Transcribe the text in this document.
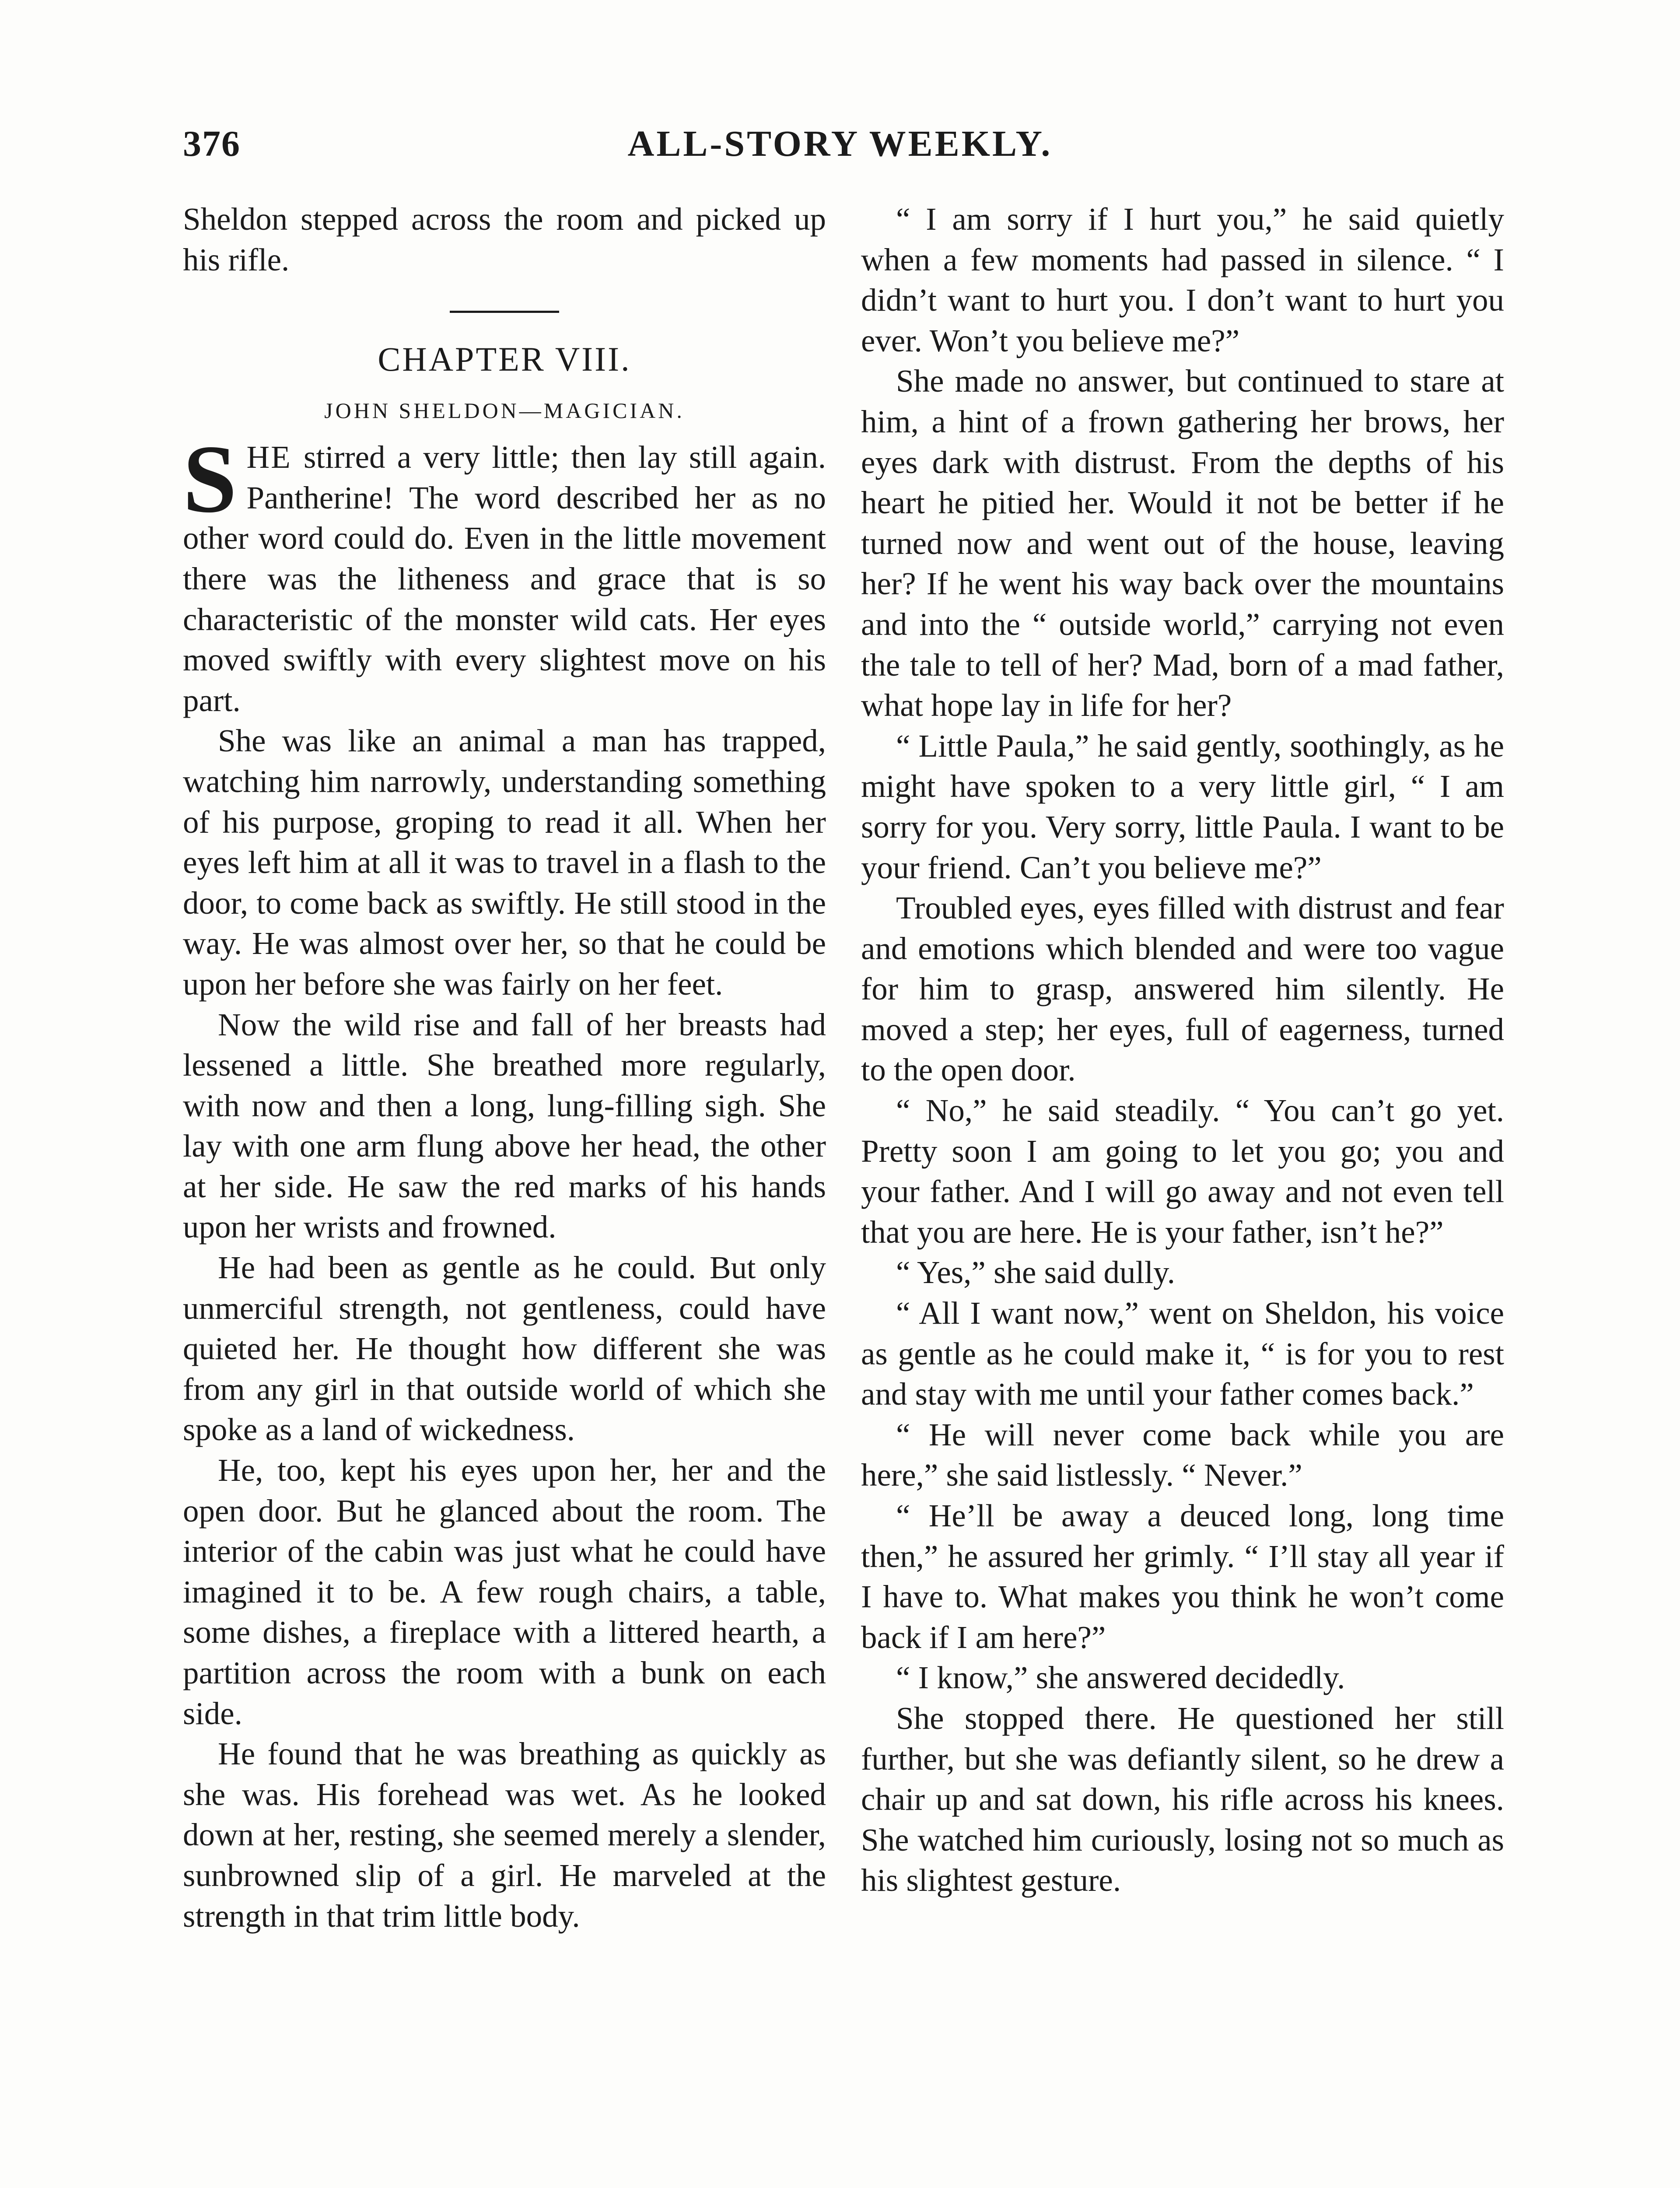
376	ALL-STORY WEEKLY.

Sheldon stepped across the room and picked up his rifle.

CHAPTER VIII.
JOHN SHELDON—MAGICIAN.

SHE stirred a very little; then lay still again. Pantherine! The word described her as no other word could do. Even in the little movement there was the litheness and grace that is so characteristic of the monster wild cats. Her eyes moved swiftly with every slightest move on his part.

She was like an animal a man has trapped, watching him narrowly, understanding something of his purpose, groping to read it all. When her eyes left him at all it was to travel in a flash to the door, to come back as swiftly. He still stood in the way. He was almost over her, so that he could be upon her before she was fairly on her feet.

Now the wild rise and fall of her breasts had lessened a little. She breathed more regularly, with now and then a long, lung-filling sigh. She lay with one arm flung above her head, the other at her side. He saw the red marks of his hands upon her wrists and frowned.

He had been as gentle as he could. But only unmerciful strength, not gentleness, could have quieted her. He thought how different she was from any girl in that outside world of which she spoke as a land of wickedness.

He, too, kept his eyes upon her, her and the open door. But he glanced about the room. The interior of the cabin was just what he could have imagined it to be. A few rough chairs, a table, some dishes, a fireplace with a littered hearth, a partition across the room with a bunk on each side.

He found that he was breathing as quickly as she was. His forehead was wet. As he looked down at her, resting, she seemed merely a slender, sunbrowned slip of a girl. He marveled at the strength in that trim little body.

“ I am sorry if I hurt you,” he said quietly when a few moments had passed in silence. “ I didn’t want to hurt you. I don’t want to hurt you ever. Won’t you believe me?”

She made no answer, but continued to stare at him, a hint of a frown gathering her brows, her eyes dark with distrust. From the depths of his heart he pitied her. Would it not be better if he turned now and went out of the house, leaving her? If he went his way back over the mountains and into the “ outside world,” carrying not even the tale to tell of her? Mad, born of a mad father, what hope lay in life for her?

“ Little Paula,” he said gently, soothingly, as he might have spoken to a very little girl, “ I am sorry for you. Very sorry, little Paula. I want to be your friend. Can’t you believe me?”

Troubled eyes, eyes filled with distrust and fear and emotions which blended and were too vague for him to grasp, answered him silently. He moved a step; her eyes, full of eagerness, turned to the open door.

“ No,” he said steadily. “ You can’t go yet. Pretty soon I am going to let you go; you and your father. And I will go away and not even tell that you are here. He is your father, isn’t he?”

“ Yes,” she said dully.

“ All I want now,” went on Sheldon, his voice as gentle as he could make it, “ is for you to rest and stay with me until your father comes back.”

“ He will never come back while you are here,” she said listlessly. “ Never.”

“ He’ll be away a deuced long, long time then,” he assured her grimly. “ I’ll stay all year if I have to. What makes you think he won’t come back if I am here?”

“ I know,” she answered decidedly.

She stopped there. He questioned her still further, but she was defiantly silent, so he drew a chair up and sat down, his rifle across his knees. She watched him curiously, losing not so much as his slightest gesture.
